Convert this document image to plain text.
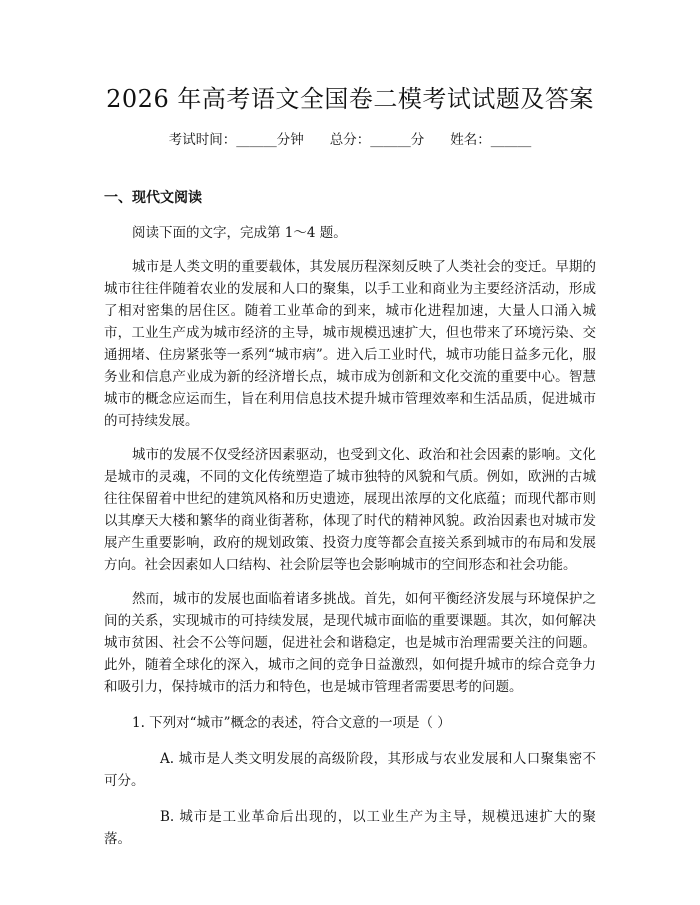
2026 年高考语文全国卷二模考试试题及答案
考试时间：______分钟 总分：______分 姓名：______
一、现代文阅读

阅读下面的文字，完成第 1～4 题。

城市是人类文明的重要载体，其发展历程深刻反映了人类社会的变迁。早期的城市往往伴随着农业的发展和人口的聚集，以手工业和商业为主要经济活动，形成了相对密集的居住区。随着工业革命的到来，城市化进程加速，大量人口涌入城市，工业生产成为城市经济的主导，城市规模迅速扩大，但也带来了环境污染、交通拥堵、住房紧张等一系列“城市病”。进入后工业时代，城市功能日益多元化，服务业和信息产业成为新的经济增长点，城市成为创新和文化交流的重要中心。智慧城市的概念应运而生，旨在利用信息技术提升城市管理效率和生活品质，促进城市的可持续发展。

城市的发展不仅受经济因素驱动，也受到文化、政治和社会因素的影响。文化是城市的灵魂，不同的文化传统塑造了城市独特的风貌和气质。例如，欧洲的古城往往保留着中世纪的建筑风格和历史遗迹，展现出浓厚的文化底蕴；而现代都市则以其摩天大楼和繁华的商业街著称，体现了时代的精神风貌。政治因素也对城市发展产生重要影响，政府的规划政策、投资力度等都会直接关系到城市的布局和发展方向。社会因素如人口结构、社会阶层等也会影响城市的空间形态和社会功能。

然而，城市的发展也面临着诸多挑战。首先，如何平衡经济发展与环境保护之间的关系，实现城市的可持续发展，是现代城市面临的重要课题。其次，如何解决城市贫困、社会不公等问题，促进社会和谐稳定，也是城市治理需要关注的问题。此外，随着全球化的深入，城市之间的竞争日益激烈，如何提升城市的综合竞争力和吸引力，保持城市的活力和特色，也是城市管理者需要思考的问题。

1. 下列对“城市”概念的表述，符合文意的一项是（ ）

A. 城市是人类文明发展的高级阶段，其形成与农业发展和人口聚集密不可分。

B. 城市是工业革命后出现的，以工业生产为主导，规模迅速扩大的聚落。
